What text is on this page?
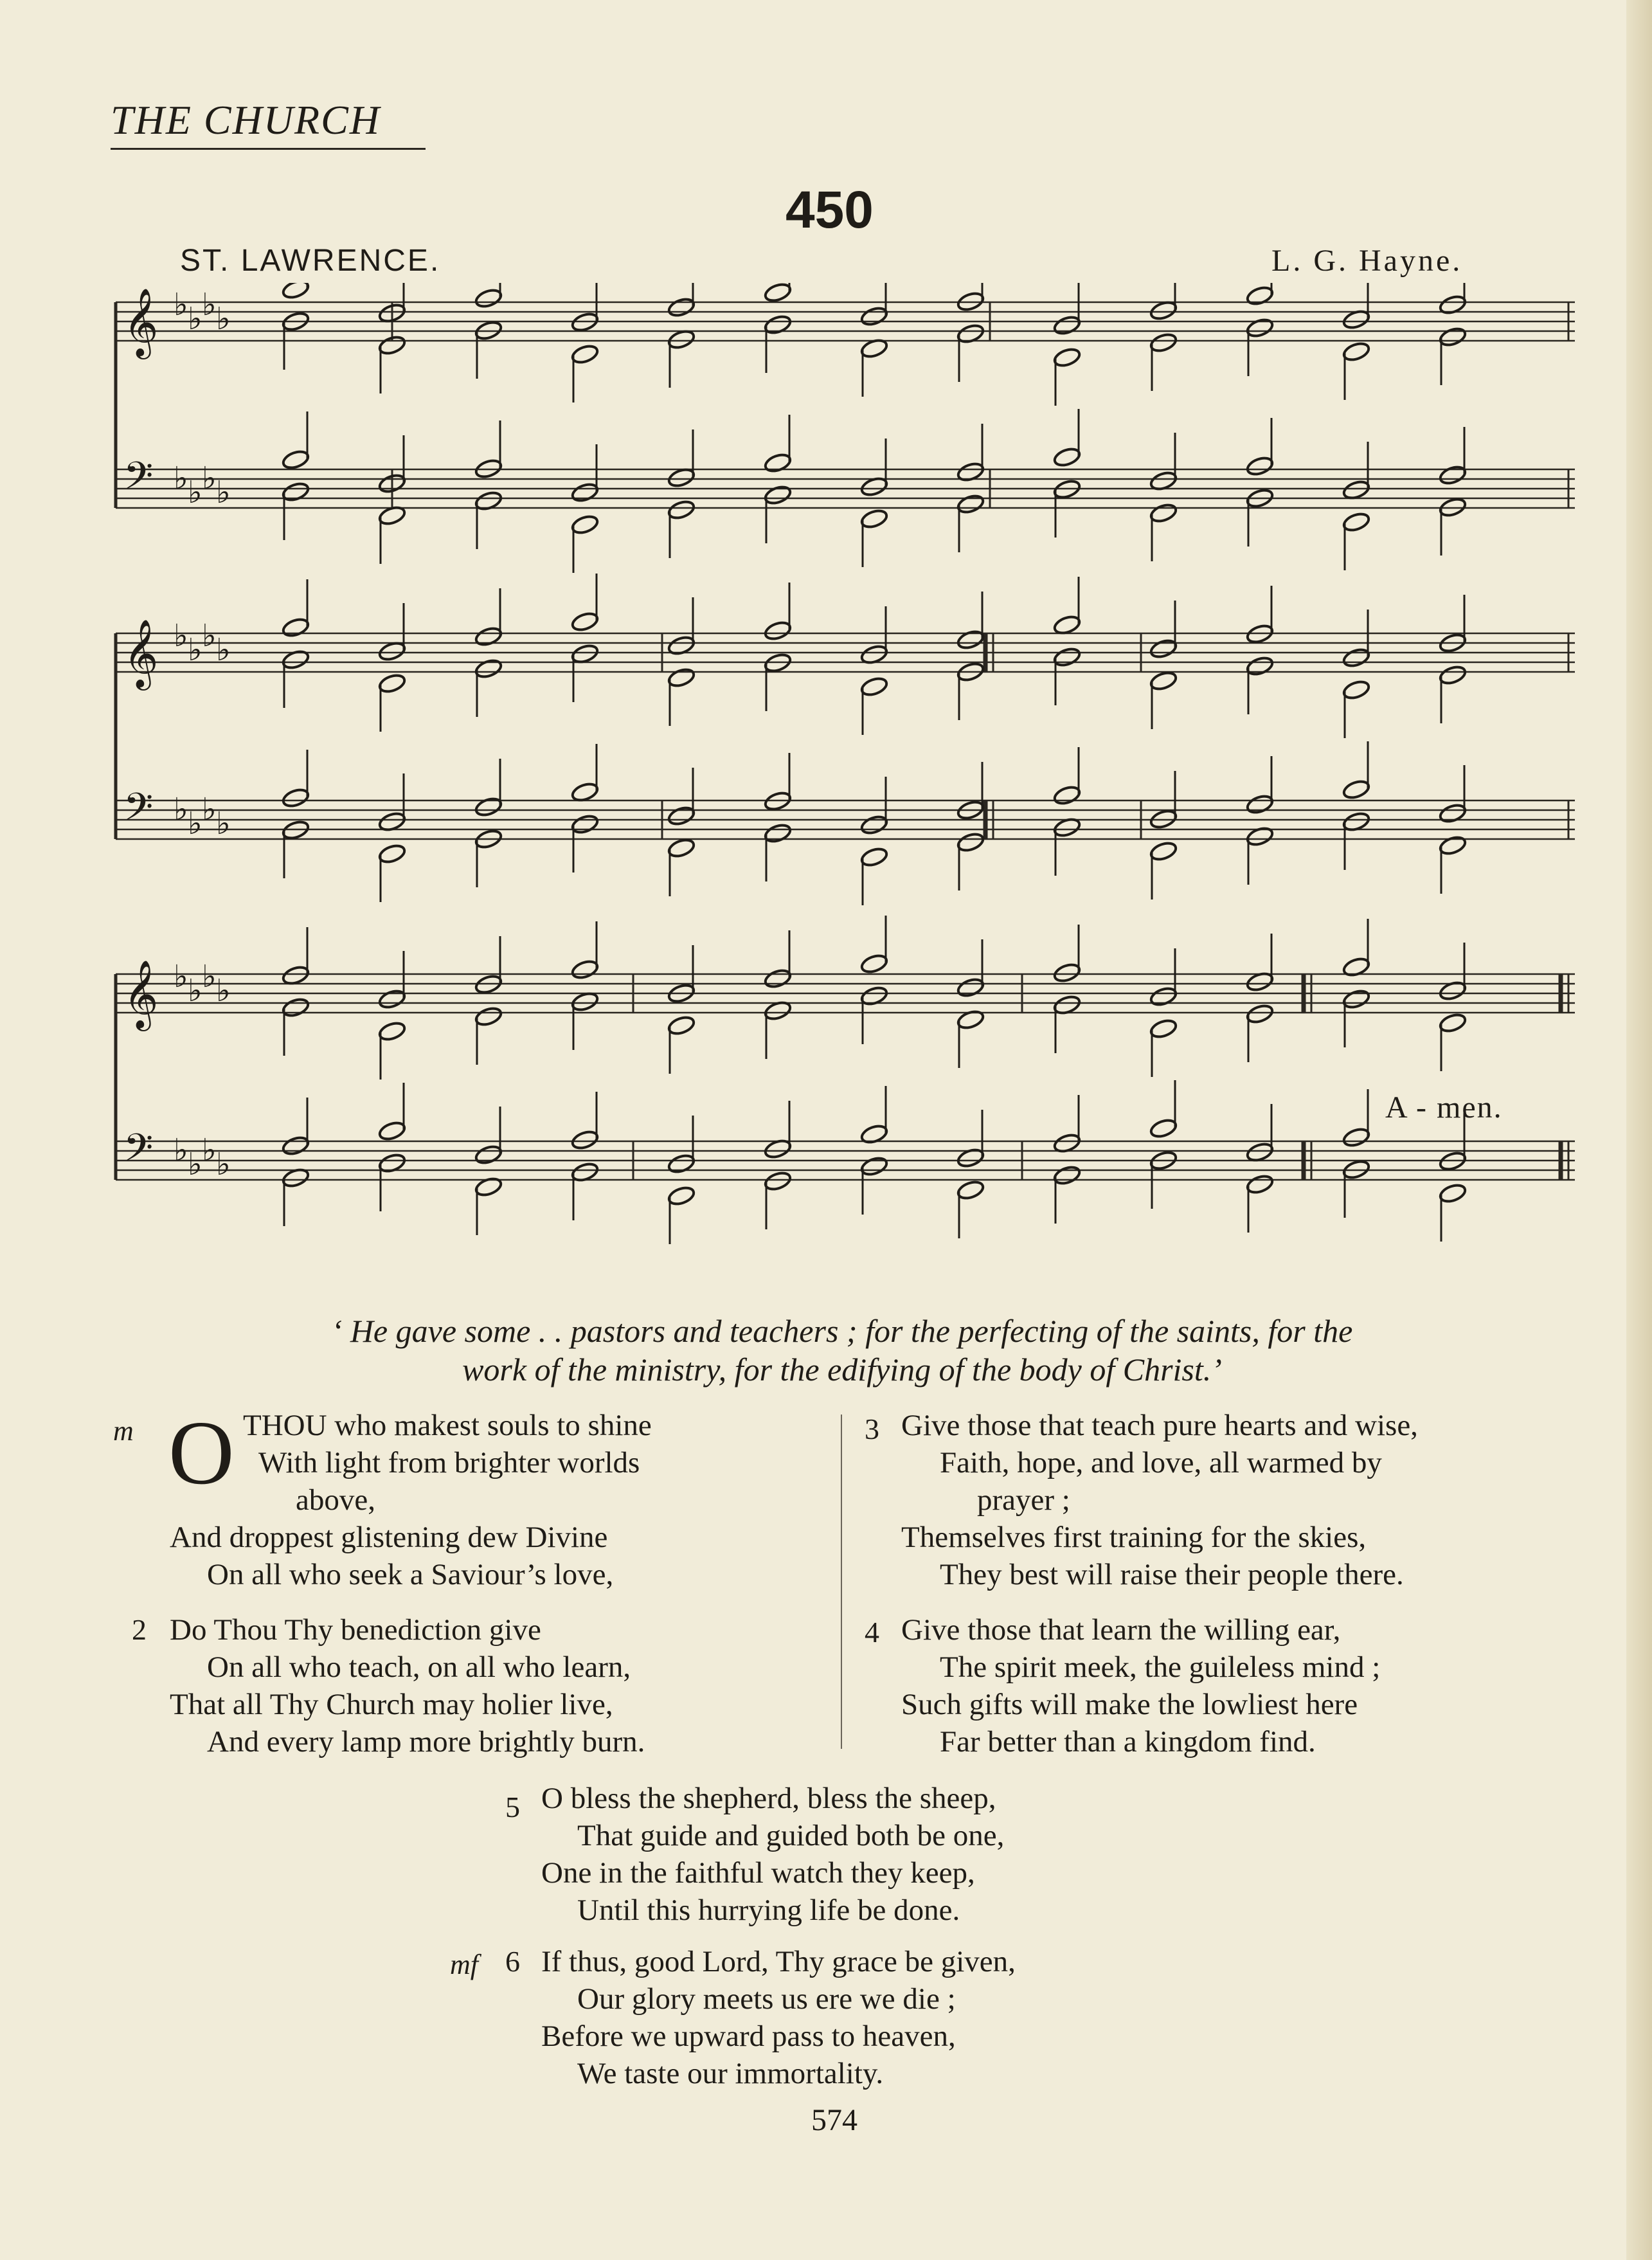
THE CHURCH
450
ST. LAWRENCE.	L. G. Hayne.
𝄞 ♭ ♭ ♭ ♭
𝄢 ♭ ♭ ♭ ♭
𝄞 ♭ ♭ ♭ ♭
𝄢 ♭ ♭ ♭ ♭
𝄞 ♭ ♭ ♭ ♭
𝄢 ♭ ♭ ♭ ♭
A - men.
‘ He gave some . . pastors and teachers ; for the perfecting of the saints, for the
work of the ministry, for the edifying of the body of Christ.’
m O THOU who makest souls to shine
With light from brighter worlds
above,
And droppest glistening dew Divine
On all who seek a Saviour’s love,
2 Do Thou Thy benediction give
On all who teach, on all who learn,
That all Thy Church may holier live,
And every lamp more brightly burn.
3 Give those that teach pure hearts and wise,
Faith, hope, and love, all warmed by
prayer ;
Themselves first training for the skies,
They best will raise their people there.
4 Give those that learn the willing ear,
The spirit meek, the guileless mind ;
Such gifts will make the lowliest here
Far better than a kingdom find.
5 O bless the shepherd, bless the sheep,
That guide and guided both be one,
One in the faithful watch they keep,
Until this hurrying life be done.
mf 6 If thus, good Lord, Thy grace be given,
Our glory meets us ere we die ;
Before we upward pass to heaven,
We taste our immortality.
574
